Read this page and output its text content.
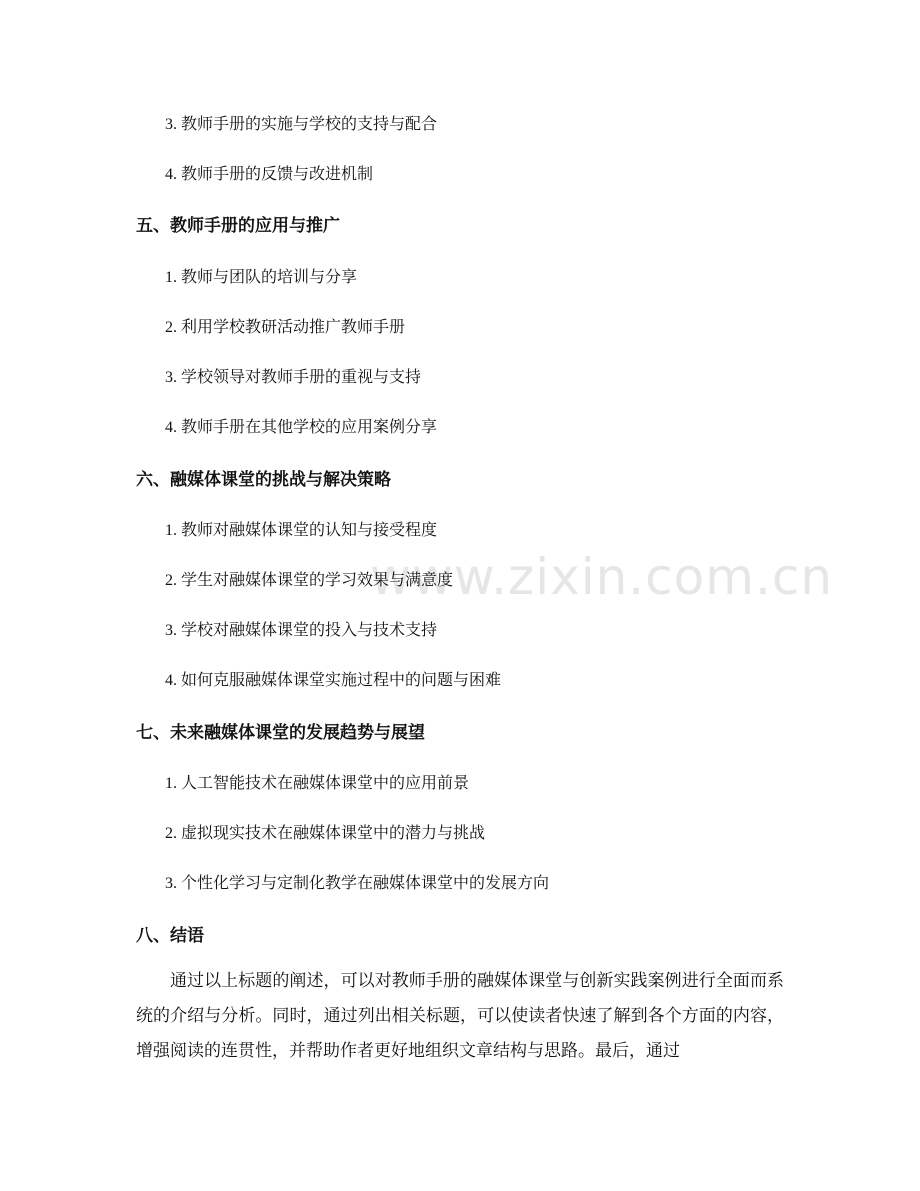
www.zixin.com.cn
3. 教师手册的实施与学校的支持与配合
4. 教师手册的反馈与改进机制
五、教师手册的应用与推广
1. 教师与团队的培训与分享
2. 利用学校教研活动推广教师手册
3. 学校领导对教师手册的重视与支持
4. 教师手册在其他学校的应用案例分享
六、融媒体课堂的挑战与解决策略
1. 教师对融媒体课堂的认知与接受程度
2. 学生对融媒体课堂的学习效果与满意度
3. 学校对融媒体课堂的投入与技术支持
4. 如何克服融媒体课堂实施过程中的问题与困难
七、未来融媒体课堂的发展趋势与展望
1. 人工智能技术在融媒体课堂中的应用前景
2. 虚拟现实技术在融媒体课堂中的潜力与挑战
3. 个性化学习与定制化教学在融媒体课堂中的发展方向
八、结语

通过以上标题的阐述，可以对教师手册的融媒体课堂与创新实践案例进行全面而系统的介绍与分析。同时，通过列出相关标题，可以使读者快速了解到各个方面的内容，增强阅读的连贯性，并帮助作者更好地组织文章结构与思路。最后，通过
